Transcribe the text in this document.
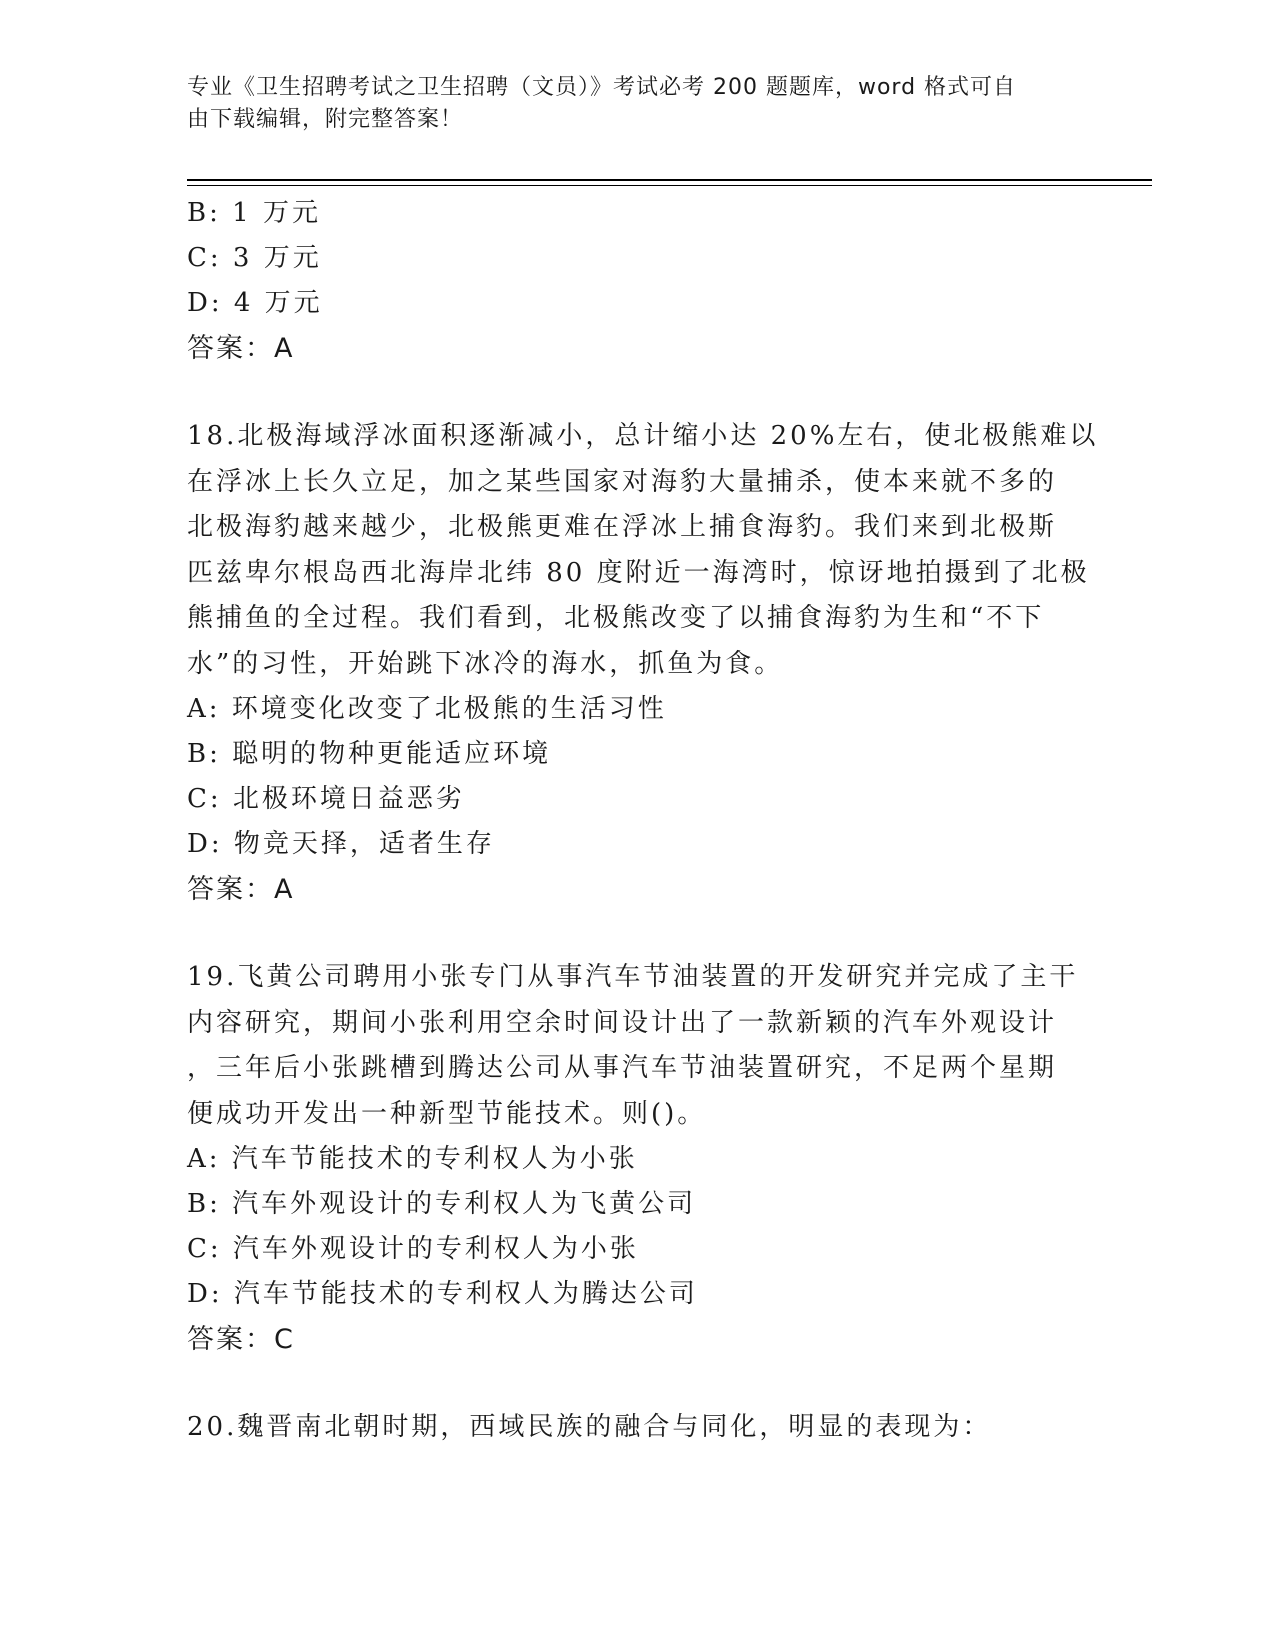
专业《卫生招聘考试之卫生招聘（文员）》考试必考 200 题题库，word 格式可自
由下载编辑，附完整答案！
B: 1 万元
C: 3 万元
D: 4 万元
答案：A
18.北极海域浮冰面积逐渐减小，总计缩小达 20%左右，使北极熊难以
在浮冰上长久立足，加之某些国家对海豹大量捕杀，使本来就不多的
北极海豹越来越少，北极熊更难在浮冰上捕食海豹。我们来到北极斯
匹兹卑尔根岛西北海岸北纬 80 度附近一海湾时，惊讶地拍摄到了北极
熊捕鱼的全过程。我们看到，北极熊改变了以捕食海豹为生和“不下
水”的习性，开始跳下冰冷的海水，抓鱼为食。
A: 环境变化改变了北极熊的生活习性
B: 聪明的物种更能适应环境
C: 北极环境日益恶劣
D: 物竞天择，适者生存
答案：A
19.飞黄公司聘用小张专门从事汽车节油装置的开发研究并完成了主干
内容研究，期间小张利用空余时间设计出了一款新颖的汽车外观设计
，三年后小张跳槽到腾达公司从事汽车节油装置研究，不足两个星期
便成功开发出一种新型节能技术。则()。
A: 汽车节能技术的专利权人为小张
B: 汽车外观设计的专利权人为飞黄公司
C: 汽车外观设计的专利权人为小张
D: 汽车节能技术的专利权人为腾达公司
答案：C
20.魏晋南北朝时期，西域民族的融合与同化，明显的表现为：
